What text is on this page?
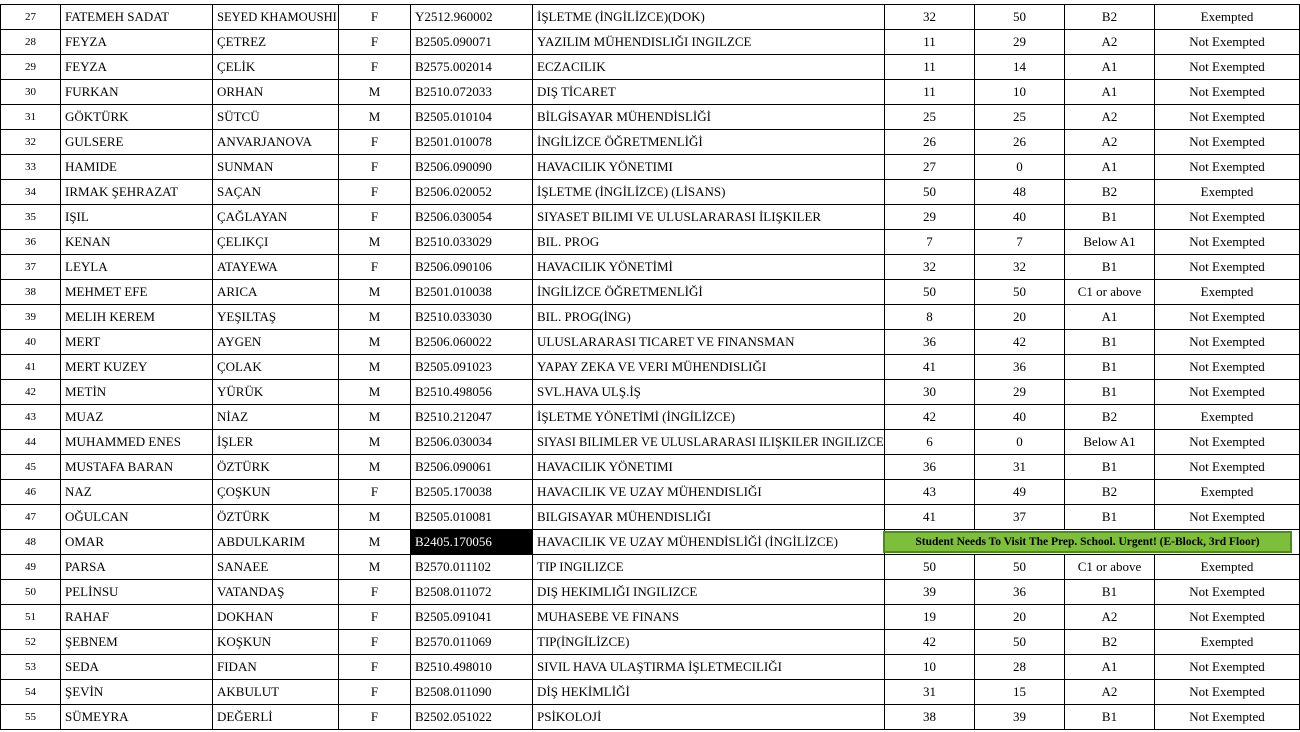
27	FATEMEH SADAT	SEYED KHAMOUSHI	F	Y2512.960002	İŞLETME (İNGİLİZCE)(DOK)	32	50	B2	Exempted
28	FEYZA	ÇETREZ	F	B2505.090071	YAZILIM MÜHENDISLIĞI INGILZCE	11	29	A2	Not Exempted
29	FEYZA	ÇELİK	F	B2575.002014	ECZACILIK	11	14	A1	Not Exempted
30	FURKAN	ORHAN	M	B2510.072033	DIŞ TİCARET	11	10	A1	Not Exempted
31	GÖKTÜRK	SÜTCÜ	M	B2505.010104	BİLGİSAYAR MÜHENDİSLİĞİ	25	25	A2	Not Exempted
32	GULSERE	ANVARJANOVA	F	B2501.010078	İNGİLİZCE ÖĞRETMENLİĞİ	26	26	A2	Not Exempted
33	HAMIDE	SUNMAN	F	B2506.090090	HAVACILIK YÖNETIMI	27	0	A1	Not Exempted
34	IRMAK ŞEHRAZAT	SAÇAN	F	B2506.020052	İŞLETME (İNGİLİZCE) (LİSANS)	50	48	B2	Exempted
35	IŞIL	ÇAĞLAYAN	F	B2506.030054	SIYASET BILIMI VE ULUSLARARASI İLIŞKILER	29	40	B1	Not Exempted
36	KENAN	ÇELIKÇI	M	B2510.033029	BIL. PROG	7	7	Below A1	Not Exempted
37	LEYLA	ATAYEWA	F	B2506.090106	HAVACILIK YÖNETİMİ	32	32	B1	Not Exempted
38	MEHMET EFE	ARICA	M	B2501.010038	İNGİLİZCE ÖĞRETMENLİĞİ	50	50	C1 or above	Exempted
39	MELIH KEREM	YEŞILTAŞ	M	B2510.033030	BIL. PROG(İNG)	8	20	A1	Not Exempted
40	MERT	AYGEN	M	B2506.060022	ULUSLARARASI TICARET VE FINANSMAN	36	42	B1	Not Exempted
41	MERT KUZEY	ÇOLAK	M	B2505.091023	YAPAY ZEKA VE VERI MÜHENDISLIĞI	41	36	B1	Not Exempted
42	METİN	YÜRÜK	M	B2510.498056	SVL.HAVA ULŞ.İŞ	30	29	B1	Not Exempted
43	MUAZ	NİAZ	M	B2510.212047	İŞLETME YÖNETİMİ (İNGİLİZCE)	42	40	B2	Exempted
44	MUHAMMED ENES	İŞLER	M	B2506.030034	SIYASI BILIMLER VE ULUSLARARASI ILIŞKILER INGILIZCE	6	0	Below A1	Not Exempted
45	MUSTAFA BARAN	ÖZTÜRK	M	B2506.090061	HAVACILIK YÖNETIMI	36	31	B1	Not Exempted
46	NAZ	ÇOŞKUN	F	B2505.170038	HAVACILIK VE UZAY MÜHENDISLIĞI	43	49	B2	Exempted
47	OĞULCAN	ÖZTÜRK	M	B2505.010081	BILGISAYAR MÜHENDISLIĞI	41	37	B1	Not Exempted
48	OMAR	ABDULKARIM	M	B2405.170056	HAVACILIK VE UZAY MÜHENDİSLİĞİ (İNGİLİZCE)	Student Needs To Visit The Prep. School. Urgent! (E-Block, 3rd Floor)			
49	PARSA	SANAEE	M	B2570.011102	TIP INGILIZCE	50	50	C1 or above	Exempted
50	PELİNSU	VATANDAŞ	F	B2508.011072	DIŞ HEKIMLIĞI INGILIZCE	39	36	B1	Not Exempted
51	RAHAF	DOKHAN	F	B2505.091041	MUHASEBE VE FINANS	19	20	A2	Not Exempted
52	ŞEBNEM	KOŞKUN	F	B2570.011069	TIP(İNGİLİZCE)	42	50	B2	Exempted
53	SEDA	FIDAN	F	B2510.498010	SIVIL HAVA ULAŞTIRMA İŞLETMECILIĞI	10	28	A1	Not Exempted
54	ŞEVİN	AKBULUT	F	B2508.011090	DİŞ HEKİMLİĞİ	31	15	A2	Not Exempted
55	SÜMEYRA	DEĞERLİ	F	B2502.051022	PSİKOLOJİ	38	39	B1	Not Exempted
